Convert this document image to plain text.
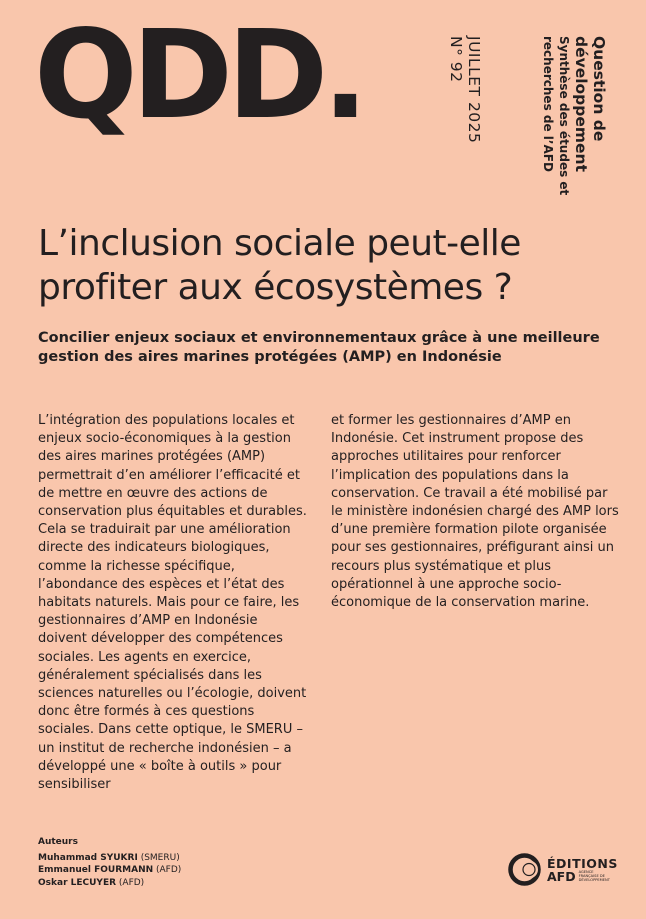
QDD.	Question de développement
Synthèse des études et recherches de l’AFD
JUILLET 2025
N° 92
L’inclusion sociale peut-elle profiter aux écosystèmes ?
Concilier enjeux sociaux et environnementaux grâce à une meilleure gestion des aires marines protégées (AMP) en Indonésie

L’intégration des populations locales et enjeux socio-économiques à la gestion des aires marines protégées (AMP) permettrait d’en améliorer l’efficacité et de mettre en œuvre des actions de conservation plus équitables et durables. Cela se traduirait par une amélioration directe des indicateurs biologiques, comme la richesse spécifique, l’abondance des espèces et l’état des habitats naturels. Mais pour ce faire, les gestionnaires d’AMP en Indonésie doivent développer des compétences sociales. Les agents en exercice, généralement spécialisés dans les sciences naturelles ou l’écologie, doivent donc être formés à ces questions sociales. Dans cette optique, le SMERU – un institut de recherche indonésien – a développé une « boîte à outils » pour sensibiliser

et former les gestionnaires d’AMP en Indonésie. Cet instrument propose des approches utilitaires pour renforcer l’implication des populations dans la conservation. Ce travail a été mobilisé par le ministère indonésien chargé des AMP lors d’une première formation pilote organisée pour ses gestionnaires, préfigurant ainsi un recours plus systématique et plus opérationnel à une approche socio-économique de la conservation marine.

Auteurs
Muhammad SYUKRI (SMERU)
Emmanuel FOURMANN (AFD)
Oskar LECUYER (AFD)
ÉDITIONS
AFD AGENCE FRANÇAISE DE DÉVELOPPEMENT
